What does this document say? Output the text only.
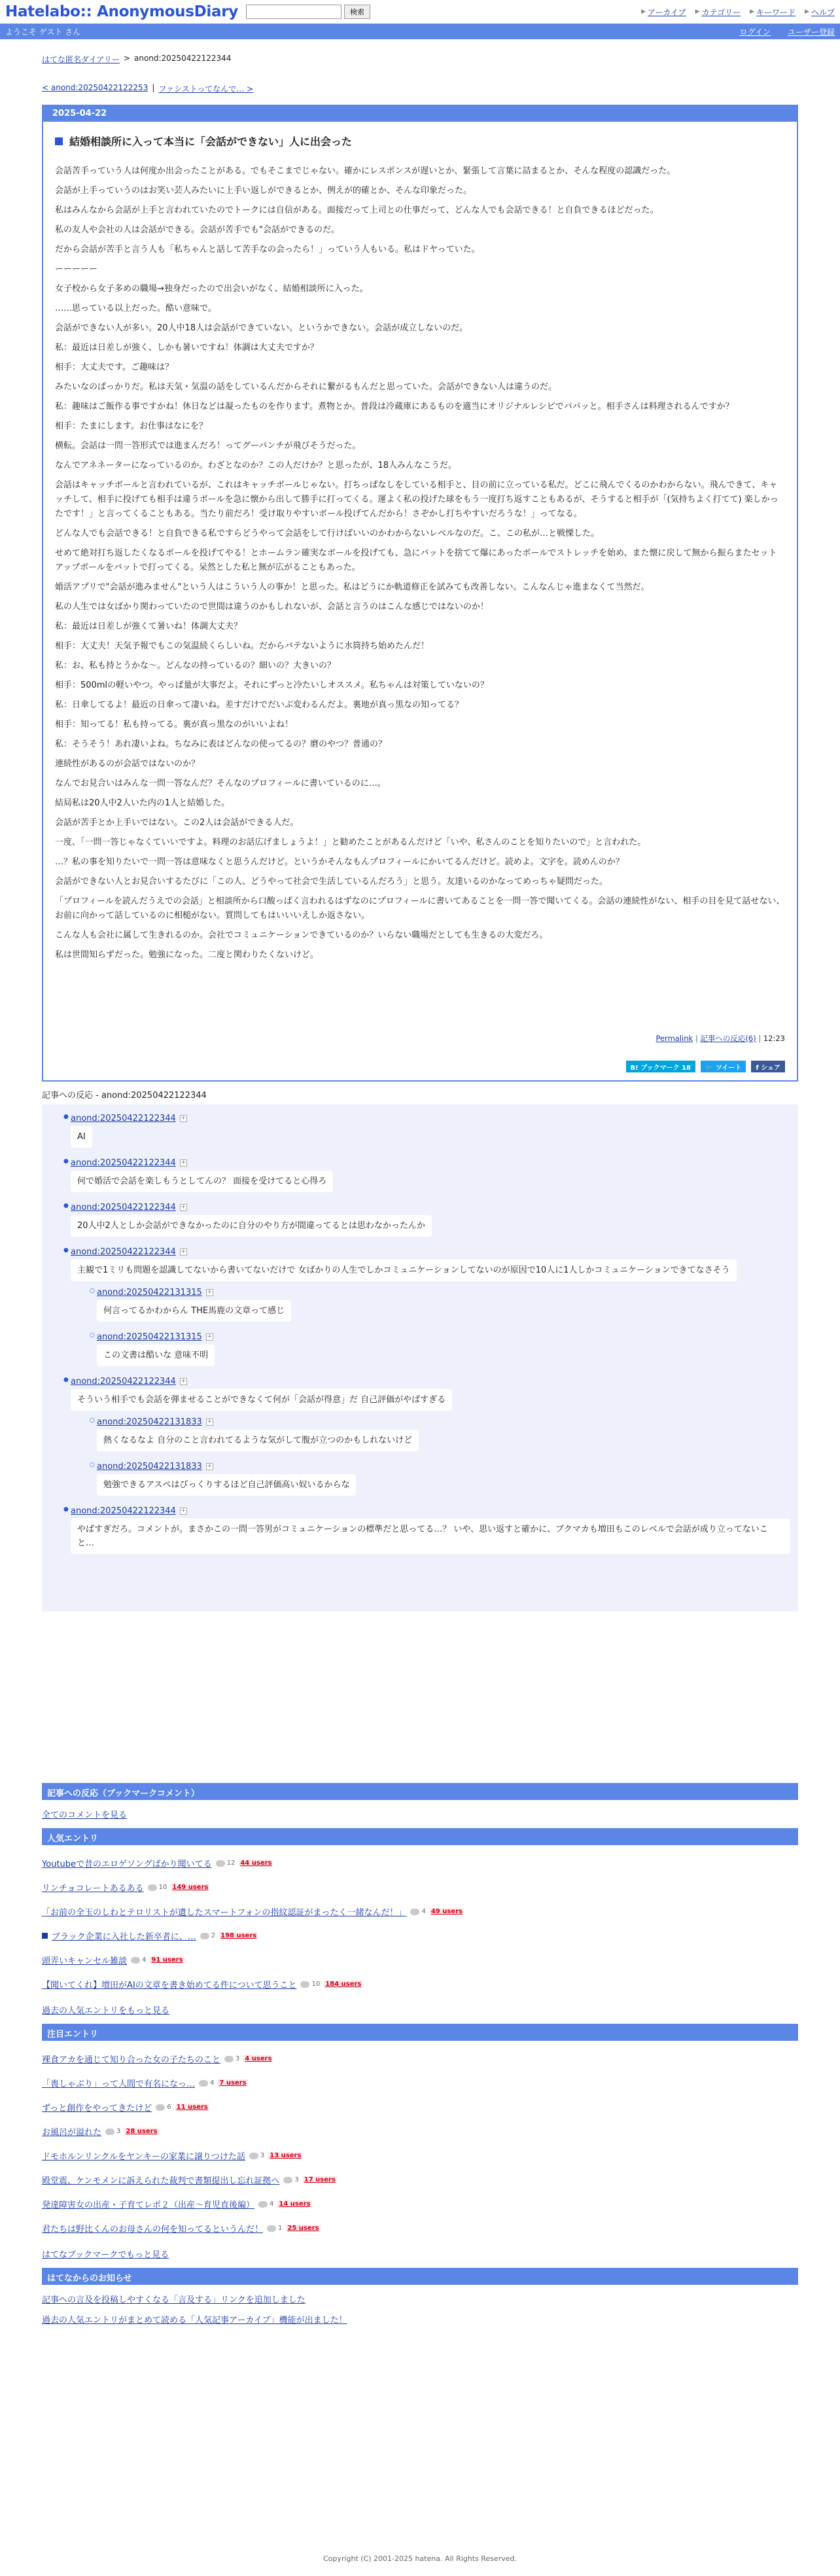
Hatelabo:: AnonymousDiary	検索	▶ アーカイブ ▶ カテゴリー ▶ キーワード ▶ ヘルプ
ようこそ ゲスト さん	ログイン ユーザー登録
はてな匿名ダイアリー > anond:20250422122344
< anond:20250422122253 | ファシストってなんで… >
2025-04-22
結婚相談所に入って本当に「会話ができない」人に出会った

会話苦手っていう人は何度か出会ったことがある。でもそこまでじゃない。確かにレスポンスが遅いとか、緊張して言葉に詰まるとか、そんな程度の認識だった。

会話が上手っていうのはお笑い芸人みたいに上手い返しができるとか、例えが的確とか、そんな印象だった。

私はみんなから会話が上手と言われていたのでトークには自信がある。面接だって上司との仕事だって、どんな人でも会話できる！と自負できるほどだった。

私の友人や会社の人は会話ができる。会話が苦手でも"会話ができるのだ。

だから会話が苦手と言う人も「私ちゃんと話して苦手なの会ったら！」っていう人もいる。私はドヤっていた。

ーーーーー

女子校から女子多めの職場→独身だったので出会いがなく、結婚相談所に入った。

……思っている以上だった。酷い意味で。

会話ができない人が多い。20人中18人は会話ができていない。というかできない。会話が成立しないのだ。

私：最近は日差しが強く、しかも暑いですね！体調は大丈夫ですか？

相手：大丈夫です。ご趣味は？

みたいなのばっかりだ。私は天気・気温の話をしているんだからそれに繋がるもんだと思っていた。会話ができない人は違うのだ。

私：趣味はご飯作る事ですかね！休日などは凝ったものを作ります。煮物とか。普段は冷蔵庫にあるものを適当にオリジナルレシピでパパッと。相手さんは料理されるんですか？

相手：たまにします。お仕事はなにを？

横転。会話は一問一答形式では進まんだろ！ってグーパンチが飛びそうだった。

なんでアネネーターになっているのか。わざとなのか？この人だけか？と思ったが、18人みんなこうだ。

会話はキャッチボールと言われているが、これはキャッチボールじゃない。打ちっぱなしをしている相手と、目の前に立っている私だ。どこに飛んでくるのかわからない。飛んできて、キャッチして、相手に投げても相手は違うボールを急に懐から出して勝手に打ってくる。運よく私の投げた球をもう一度打ち返すこともあるが、そうすると相手が「(気持ちよく打てて) 楽しかったです！」と言ってくることもある。当たり前だろ！受け取りやすいボール投げてんだから！さぞかし打ちやすいだろうな！」ってなる。

どんな人でも会話できる！と自負できる私ですらどうやって会話をして行けばいいのかわからないレベルなのだ。こ、この私が…と戦慄した。

せめて絶対打ち返したくなるボールを投げてやる！とホームラン確実なボールを投げても、急にバットを捨てて爆にあったボールでストレッチを始め、また懐に戻して無から振らまたセットアップボールをバットで打ってくる。呆然とした私と無が広がることもあった。

婚活アプリで"会話が進みません"という人はこういう人の事か！と思った。私はどうにか軌道修正を試みても改善しない。こんなんじゃ進まなくて当然だ。

私の人生では女ばかり関わっていたので世間は違うのかもしれないが、会話と言うのはこんな感じではないのか！

私：最近は日差しが強くて暑いね！体調大丈夫？

相手：大丈夫！天気予報でもこの気温続くらしいね。だからバテないように水筒持ち始めたんだ！

私：お、私も持とうかな〜。どんなの持っているの？細いの？大きいの？

相手：500mlの軽いやつ。やっぱ量が大事だよ。それにずっと冷たいしオススメ。私ちゃんは対策していないの？

私：日傘してるよ！最近の日傘って凄いね。差すだけでだいぶ変わるんだよ。裏地が真っ黒なの知ってる？

相手：知ってる！私も持ってる。裏が真っ黒なのがいいよね！

私：そうそう！あれ凄いよね。ちなみに表はどんなの使ってるの？磨のやつ？普通の？

連続性があるのが会話ではないのか？

なんでお見合いはみんな一問一答なんだ？そんなのプロフィールに書いているのに…。

結局私は20人中2人いた内の1人と結婚した。

会話が苦手とか上手いではない。この2人は会話ができる人だ。

一度、「一問一答じゃなくていいですよ。料理のお話広げましょうよ！」と勧めたことがあるんだけど「いや、私さんのことを知りたいので」と言われた。

…？私の事を知りたいで一問一答は意味なくと思うんだけど。というかそんなもんプロフィールにかいてるんだけど。読めよ。文字を。読めんのか？

会話ができない人とお見合いするたびに「この人、どうやって社会で生活しているんだろう」と思う。友達いるのかなってめっちゃ疑問だった。

「プロフィールを読んだうえでの会話」と相談所から口酸っぱく言われるはずなのにプロフィールに書いてあることを一問一答で聞いてくる。会話の連続性がない、相手の目を見て話せない、お前に向かって話しているのに相槌がない。質問してもはいいいえしか返さない。

こんな人も会社に属して生きれるのか。会社でコミュニケーションできているのか？いらない職場だとしても生きるの大変だろ。

私は世間知らずだった。勉強になった。二度と関わりたくないけど。

Permalink | 記事への反応(6) | 12:23
B! ブックマーク 18	🐦 ツイート	f シェア
記事への反応 - anond:20250422122344
● anond:20250422122344 +
AI
● anond:20250422122344 +
何で婚活で会話を楽しもうとしてんの？ 面接を受けてると心得ろ
● anond:20250422122344 +
20人中2人としか会話ができなかったのに自分のやり方が間違ってるとは思わなかったんか
● anond:20250422122344 +
主観で1ミリも問題を認識してないから書いてないだけで 女ばかりの人生でしかコミュニケーションしてないのが原因で10人に1人しかコミュニケーションできてなさそう
○ anond:20250422131315 +
何言ってるかわからん THE馬鹿の文章って感じ
○ anond:20250422131315 +
この文書は酷いな 意味不明
● anond:20250422122344 +
そういう相手でも会話を弾ませることができなくて何が「会話が得意」だ 自己評価がやばすぎる
○ anond:20250422131833 +
熱くなるなよ 自分のこと言われてるような気がして腹が立つのかもしれないけど
○ anond:20250422131833 +
勉強できるアスペはびっくりするほど自己評価高い奴いるからな
● anond:20250422122344 +
やばすぎだろ。コメントが。まさかこの一問一答男がコミュニケーションの標準だと思ってる…？ いや、思い返すと確かに、ブクマカも増田もこのレベルで会話が成り立ってないこと…
記事への反応（ブックマークコメント）
全てのコメントを見る
人気エントリ
Youtubeで昔のエロゲソングばかり聞いてる 12 44 users
リンチョコレートあるある 10 149 users
「お前の全玉のしわとテロリストが遺したスマートフォンの指紋認証がまったく一緒なんだ！」 4 49 users
ブラック企業に入社した新卒者に、… 2 198 users
頭弄いキャンセル雑談 4 91 users
【聞いてくれ】増田がAIの文章を書き始めてる件について思うこと 10 184 users
過去の人気エントリをもっと見る
注目エントリ
裸食アカを通じて知り合った女の子たちのこと 3 4 users
「喪しゃぶり」って人間で有名になっ… 4 7 users
ずっと創作をやってきたけど 6 11 users
お風呂が溢れた 3 28 users
ドモホルンリンクルをヤンキーの家業に譲りつけた話 3 13 users
殿堂震、ケンモメンに訴えられた裁判で書類提出し忘れ証拠へ 3 17 users
発達障害女の出産・子育てレポ２（出産〜育児直後編） 4 14 users
君たちは野比くんのお母さんの何を知ってるというんだ！ 1 25 users
はてなブックマークでもっと見る
はてなからのお知らせ
記事への言及を投稿しやすくなる「言及する」リンクを追加しました
過去の人気エントリがまとめて読める「人気記事アーカイブ」機能が出ました！
Copyright (C) 2001-2025 hatena. All Rights Reserved.
